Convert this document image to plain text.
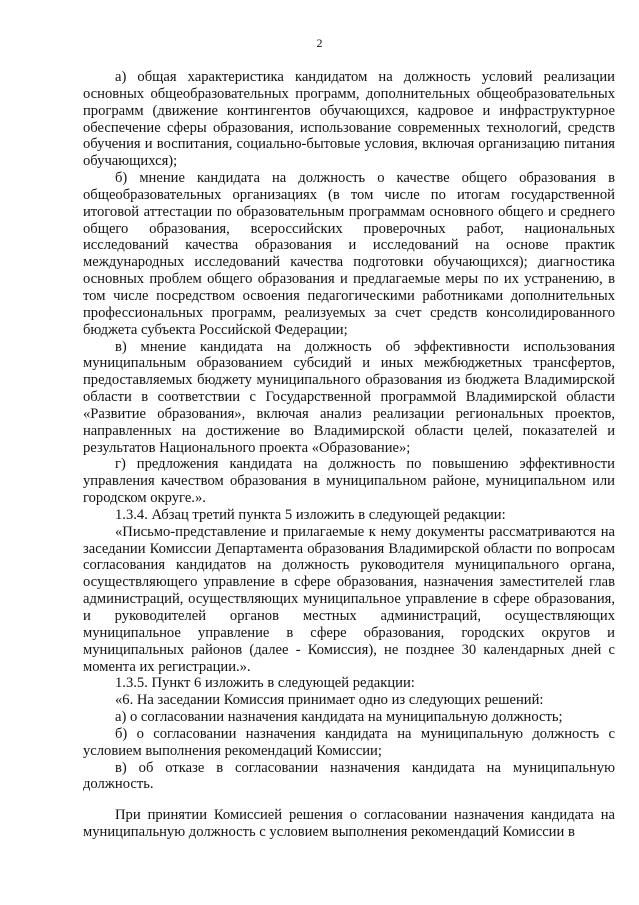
2

а) общая характеристика кандидатом на должность условий реализации основных общеобразовательных программ, дополнительных общеобразовательных программ (движение контингентов обучающихся, кадровое и инфраструктурное обеспечение сферы образования, использование современных технологий, средств обучения и воспитания, социально-бытовые условия, включая организацию питания обучающихся);

б) мнение кандидата на должность о качестве общего образования в общеобразовательных организациях (в том числе по итогам государственной итоговой аттестации по образовательным программам основного общего и среднего общего образования, всероссийских проверочных работ, национальных исследований качества образования и исследований на основе практик международных исследований качества подготовки обучающихся); диагностика основных проблем общего образования и предлагаемые меры по их устранению, в том числе посредством освоения педагогическими работниками дополнительных профессиональных программ, реализуемых за счет средств консолидированного бюджета субъекта Российской Федерации;

в) мнение кандидата на должность об эффективности использования муниципальным образованием субсидий и иных межбюджетных трансфертов, предоставляемых бюджету муниципального образования из бюджета Владимирской области в соответствии с Государственной программой Владимирской области «Развитие образования», включая анализ реализации региональных проектов, направленных на достижение во Владимирской области целей, показателей и результатов Национального проекта «Образование»;

г) предложения кандидата на должность по повышению эффективности управления качеством образования в муниципальном районе, муниципальном или городском округе.».

1.3.4. Абзац третий пункта 5 изложить в следующей редакции:

«Письмо-представление и прилагаемые к нему документы рассматриваются на заседании Комиссии Департамента образования Владимирской области по вопросам согласования кандидатов на должность руководителя муниципального органа, осуществляющего управление в сфере образования, назначения заместителей глав администраций, осуществляющих муниципальное управление в сфере образования, и руководителей органов местных администраций, осуществляющих муниципальное управление в сфере образования, городских округов и муниципальных районов (далее - Комиссия), не позднее 30 календарных дней с момента их регистрации.».

1.3.5. Пункт 6 изложить в следующей редакции:

«6. На заседании Комиссия принимает одно из следующих решений:

а) о согласовании назначения кандидата на муниципальную должность;

б) о согласовании назначения кандидата на муниципальную должность с условием выполнения рекомендаций Комиссии;

в) об отказе в согласовании назначения кандидата на муниципальную должность.

При принятии Комиссией решения о согласовании назначения кандидата на муниципальную должность с условием выполнения рекомендаций Комиссии в
